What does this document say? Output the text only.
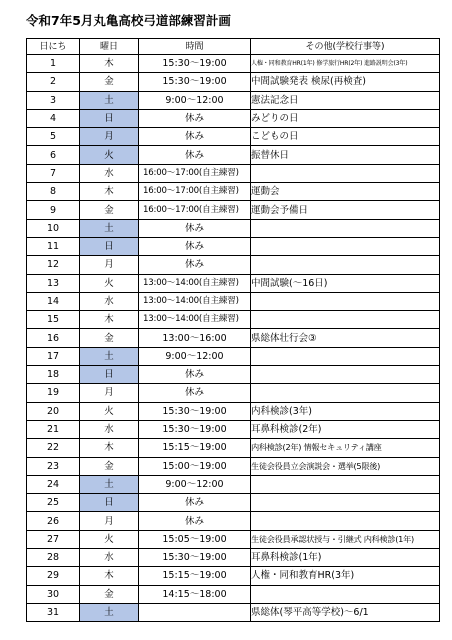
令和7年5月丸亀高校弓道部練習計画
日にち	曜日	時間	その他(学校行事等)
1	木	15:30～19:00	人権・同和教育HR(1年) 修学旅行HR(2年) 進路説明会(3年)
2	金	15:30～19:00	中間試験発表 検尿(再検査)
3	土	9:00～12:00	憲法記念日
4	日	休み	みどりの日
5	月	休み	こどもの日
6	火	休み	振替休日
7	水	16:00～17:00(自主練習)	
8	木	16:00～17:00(自主練習)	運動会
9	金	16:00～17:00(自主練習)	運動会予備日
10	土	休み	
11	日	休み	
12	月	休み	
13	火	13:00～14:00(自主練習)	中間試験(～16日)
14	水	13:00～14:00(自主練習)	
15	木	13:00～14:00(自主練習)	
16	金	13:00～16:00	県総体壮行会③
17	土	9:00～12:00	
18	日	休み	
19	月	休み	
20	火	15:30～19:00	内科検診(3年)
21	水	15:30～19:00	耳鼻科検診(2年)
22	木	15:15～19:00	内科検診(2年) 情報セキュリティ講座
23	金	15:00～19:00	生徒会役員立会演説会・選挙(5限後)
24	土	9:00～12:00	
25	日	休み	
26	月	休み	
27	火	15:05～19:00	生徒会役員承認状授与・引継式 内科検診(1年)
28	水	15:30～19:00	耳鼻科検診(1年)
29	木	15:15～19:00	人権・同和教育HR(3年)
30	金	14:15～18:00	
31	土		県総体(琴平高等学校)～6/1
